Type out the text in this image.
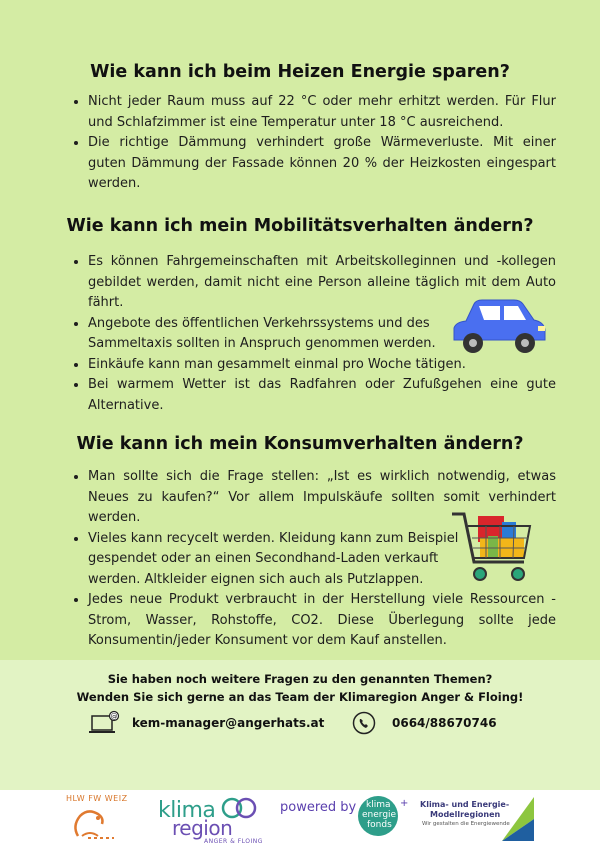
Wie kann ich beim Heizen Energie sparen?
• Nicht jeder Raum muss auf 22 °C oder mehr erhitzt werden. Für Flur und Schlafzimmer ist eine Temperatur unter 18 °C ausreichend.
• Die richtige Dämmung verhindert große Wärmeverluste. Mit einer guten Dämmung der Fassade können 20 % der Heizkosten eingespart werden.
Wie kann ich mein Mobilitätsverhalten ändern?
• Es können Fahrgemeinschaften mit Arbeitskolleginnen und -kollegen gebildet werden, damit nicht eine Person alleine täglich mit dem Auto fährt.
• Angebote des öffentlichen Verkehrssystems und des Sammeltaxis sollten in Anspruch genommen werden.
• Einkäufe kann man gesammelt einmal pro Woche tätigen.
• Bei warmem Wetter ist das Radfahren oder Zufußgehen eine gute Alternative.
Wie kann ich mein Konsumverhalten ändern?
• Man sollte sich die Frage stellen: „Ist es wirklich notwendig, etwas Neues zu kaufen?“ Vor allem Impulskäufe sollten somit verhindert werden.
• Vieles kann recycelt werden. Kleidung kann zum Beispiel gespendet oder an einen Secondhand-Laden verkauft werden. Altkleider eignen sich auch als Putzlappen.
• Jedes neue Produkt verbraucht in der Herstellung viele Ressourcen - Strom, Wasser, Rohstoffe, CO2. Diese Überlegung sollte jede Konsumentin/jeder Konsument vor dem Kauf anstellen.
Sie haben noch weitere Fragen zu den genannten Themen?
Wenden Sie sich gerne an das Team der Klimaregion Anger & Floing!
@ kem-manager@angerhats.at	0664/88670746
HLW FW WEIZ klima
region
ANGER & FLOING
powered by	+
klima
energie
fonds
Klima- und Energie-
Modellregionen
Wir gestalten die Energiewende
